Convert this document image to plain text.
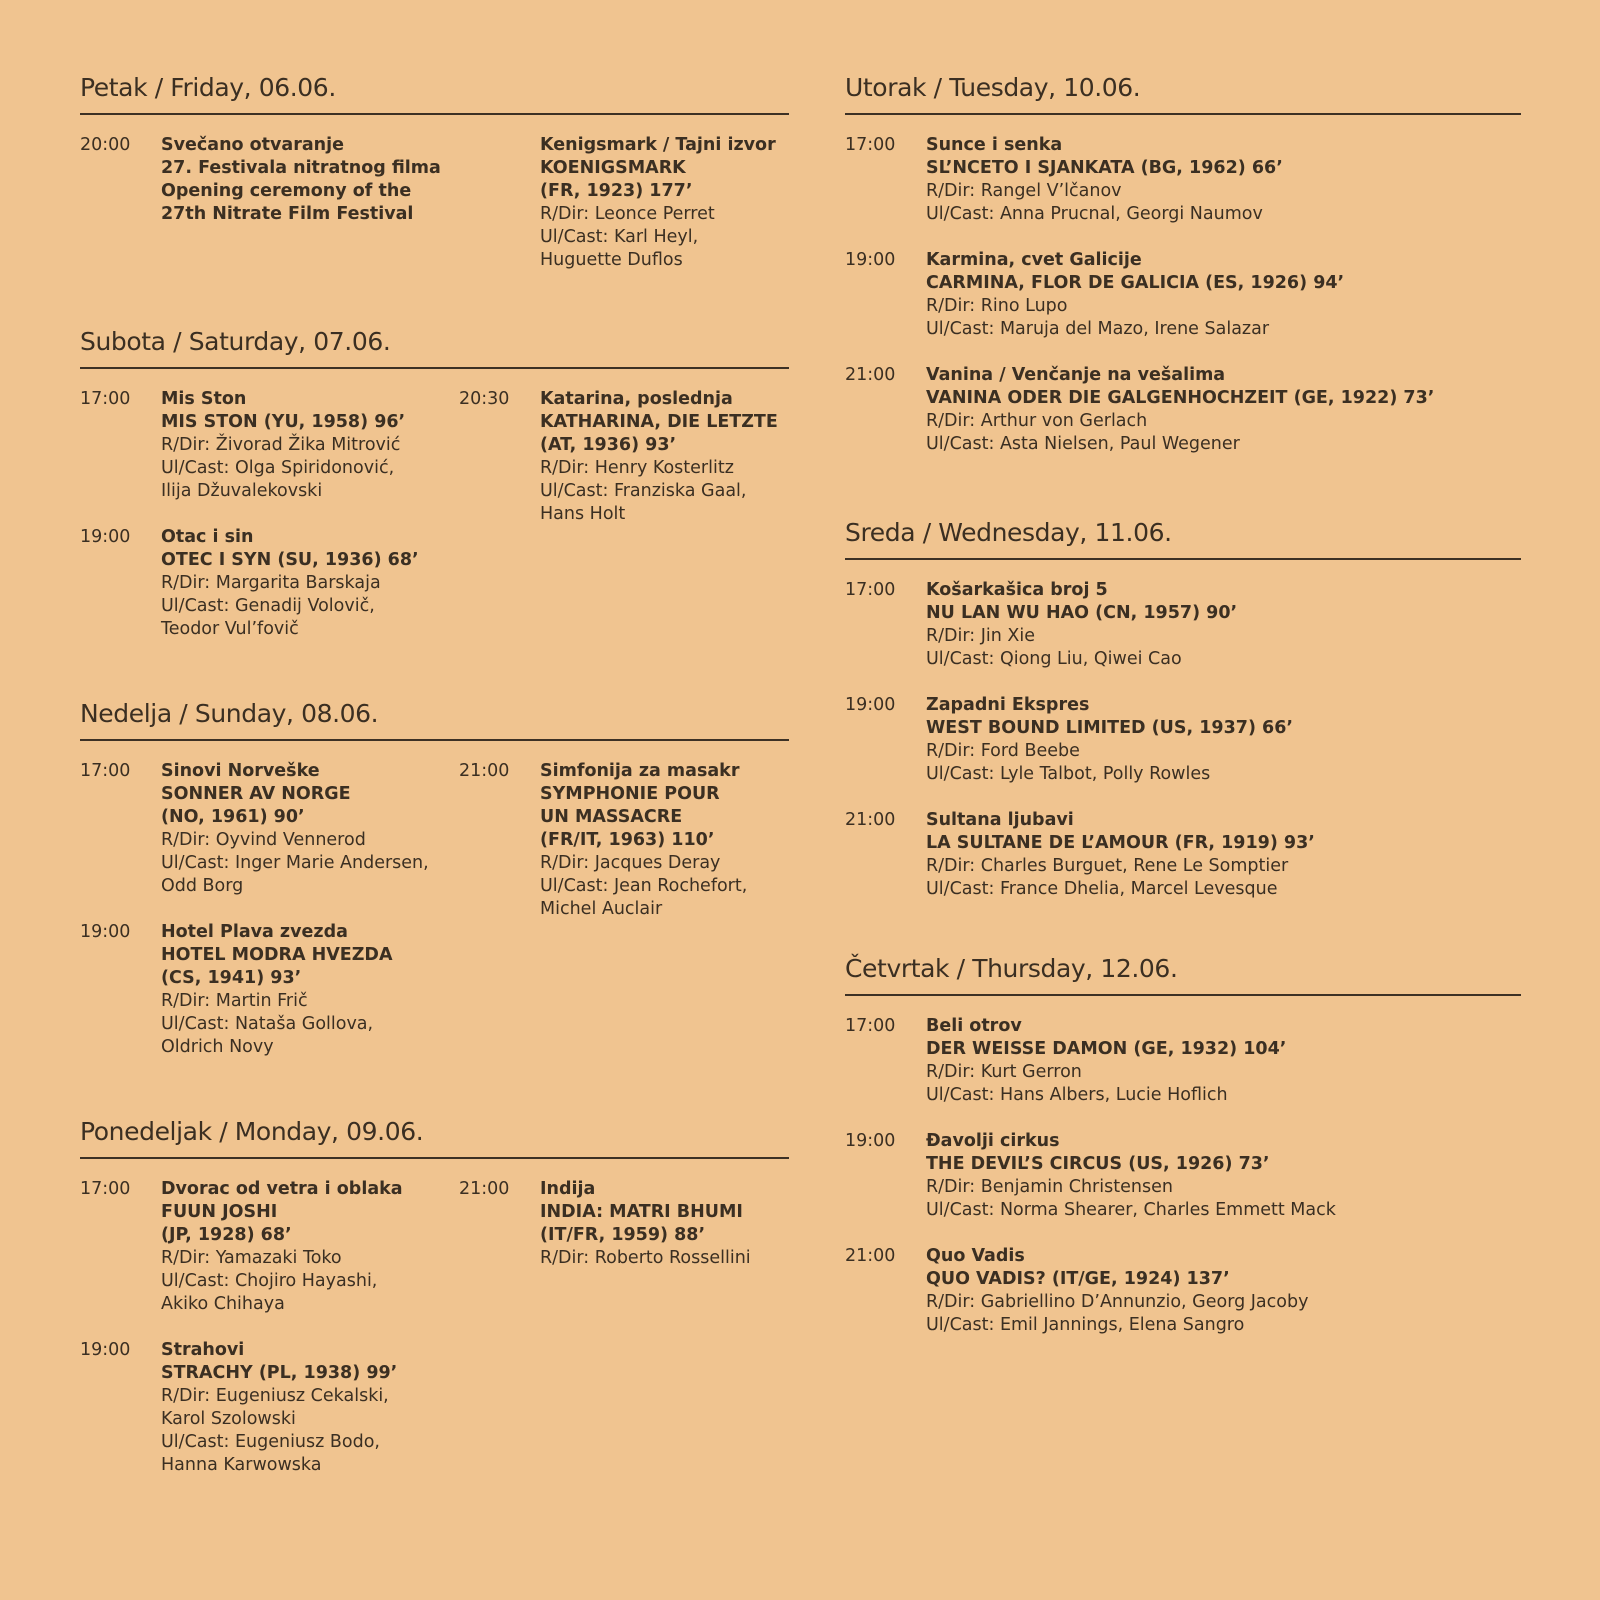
Petak / Friday, 06.06.
20:00 Svečano otvaranje
27. Festivala nitratnog filma
Opening ceremony of the
27th Nitrate Film Festival
Kenigsmark / Tajni izvor
KOENIGSMARK
(FR, 1923) 177’
R/Dir: Leonce Perret
Ul/Cast: Karl Heyl,
Huguette Duflos
Subota / Saturday, 07.06.
17:00 Mis Ston
MIS STON (YU, 1958) 96’
R/Dir: Živorad Žika Mitrović
Ul/Cast: Olga Spiridonović,
Ilija Džuvalekovski
19:00 Otac i sin
OTEC I SYN (SU, 1936) 68’
R/Dir: Margarita Barskaja
Ul/Cast: Genadij Volovič,
Teodor Vul’fovič
20:30 Katarina, poslednja
KATHARINA, DIE LETZTE
(AT, 1936) 93’
R/Dir: Henry Kosterlitz
Ul/Cast: Franziska Gaal,
Hans Holt
Nedelja / Sunday, 08.06.
17:00 Sinovi Norveške
SONNER AV NORGE
(NO, 1961) 90’
R/Dir: Oyvind Vennerod
Ul/Cast: Inger Marie Andersen,
Odd Borg
19:00 Hotel Plava zvezda
HOTEL MODRA HVEZDA
(CS, 1941) 93’
R/Dir: Martin Frič
Ul/Cast: Nataša Gollova,
Oldrich Novy
21:00 Simfonija za masakr
SYMPHONIE POUR
UN MASSACRE
(FR/IT, 1963) 110’
R/Dir: Jacques Deray
Ul/Cast: Jean Rochefort,
Michel Auclair
Ponedeljak / Monday, 09.06.
17:00 Dvorac od vetra i oblaka
FUUN JOSHI
(JP, 1928) 68’
R/Dir: Yamazaki Toko
Ul/Cast: Chojiro Hayashi,
Akiko Chihaya
19:00 Strahovi
STRACHY (PL, 1938) 99’
R/Dir: Eugeniusz Cekalski,
Karol Szolowski
Ul/Cast: Eugeniusz Bodo,
Hanna Karwowska
21:00 Indija
INDIA: MATRI BHUMI
(IT/FR, 1959) 88’
R/Dir: Roberto Rossellini
Utorak / Tuesday, 10.06.
17:00 Sunce i senka
SL’NCETO I SJANKATA (BG, 1962) 66’
R/Dir: Rangel V’lčanov
Ul/Cast: Anna Prucnal, Georgi Naumov
19:00 Karmina, cvet Galicije
CARMINA, FLOR DE GALICIA (ES, 1926) 94’
R/Dir: Rino Lupo
Ul/Cast: Maruja del Mazo, Irene Salazar
21:00 Vanina / Venčanje na vešalima
VANINA ODER DIE GALGENHOCHZEIT (GE, 1922) 73’
R/Dir: Arthur von Gerlach
Ul/Cast: Asta Nielsen, Paul Wegener
Sreda / Wednesday, 11.06.
17:00 Košarkašica broj 5
NU LAN WU HAO (CN, 1957) 90’
R/Dir: Jin Xie
Ul/Cast: Qiong Liu, Qiwei Cao
19:00 Zapadni Ekspres
WEST BOUND LIMITED (US, 1937) 66’
R/Dir: Ford Beebe
Ul/Cast: Lyle Talbot, Polly Rowles
21:00 Sultana ljubavi
LA SULTANE DE L’AMOUR (FR, 1919) 93’
R/Dir: Charles Burguet, Rene Le Somptier
Ul/Cast: France Dhelia, Marcel Levesque
Četvrtak / Thursday, 12.06.
17:00 Beli otrov
DER WEISSE DAMON (GE, 1932) 104’
R/Dir: Kurt Gerron
Ul/Cast: Hans Albers, Lucie Hoflich
19:00 Đavolji cirkus
THE DEVIL’S CIRCUS (US, 1926) 73’
R/Dir: Benjamin Christensen
Ul/Cast: Norma Shearer, Charles Emmett Mack
21:00 Quo Vadis
QUO VADIS? (IT/GE, 1924) 137’
R/Dir: Gabriellino D’Annunzio, Georg Jacoby
Ul/Cast: Emil Jannings, Elena Sangro
